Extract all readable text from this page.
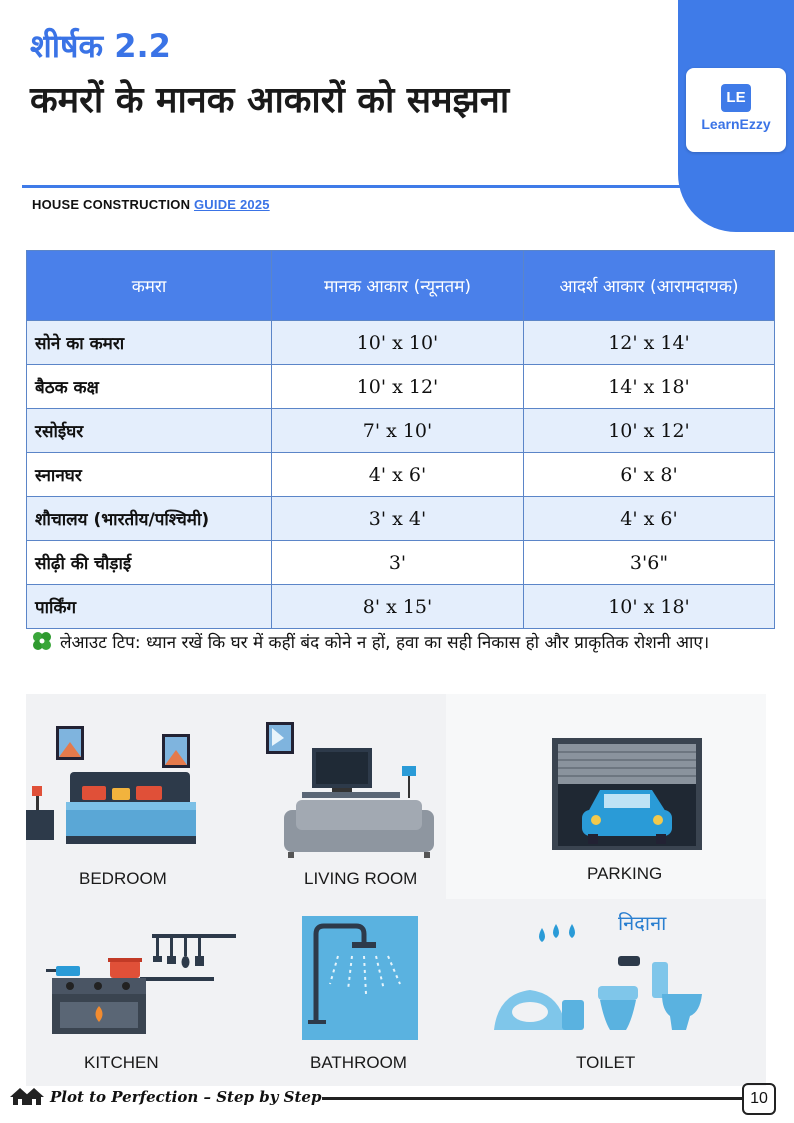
शीर्षक 2.2
कमरों के मानक आकारों को समझना	LE
LearnEzzy
HOUSE CONSTRUCTION GUIDE 2025
कमरा	मानक आकार (न्यूनतम)	आदर्श आकार (आरामदायक)
सोने का कमरा	10' x 10'	12' x 14'
बैठक कक्ष	10' x 12'	14' x 18'
रसोईघर	7' x 10'	10' x 12'
स्नानघर	4' x 6'	6' x 8'
शौचालय (भारतीय/पश्चिमी)	3' x 4'	4' x 6'
सीढ़ी की चौड़ाई	3'	3'6"
पार्किंग	8' x 15'	10' x 18'
लेआउट टिप: ध्यान रखें कि घर में कहीं बंद कोने न हों, हवा का सही निकास हो और प्राकृतिक रोशनी आए।
BEDROOM	LIVING ROOM	PARKING
KITCHEN	BATHROOM
निदाना
TOILET
Plot to Perfection – Step by Step	10
